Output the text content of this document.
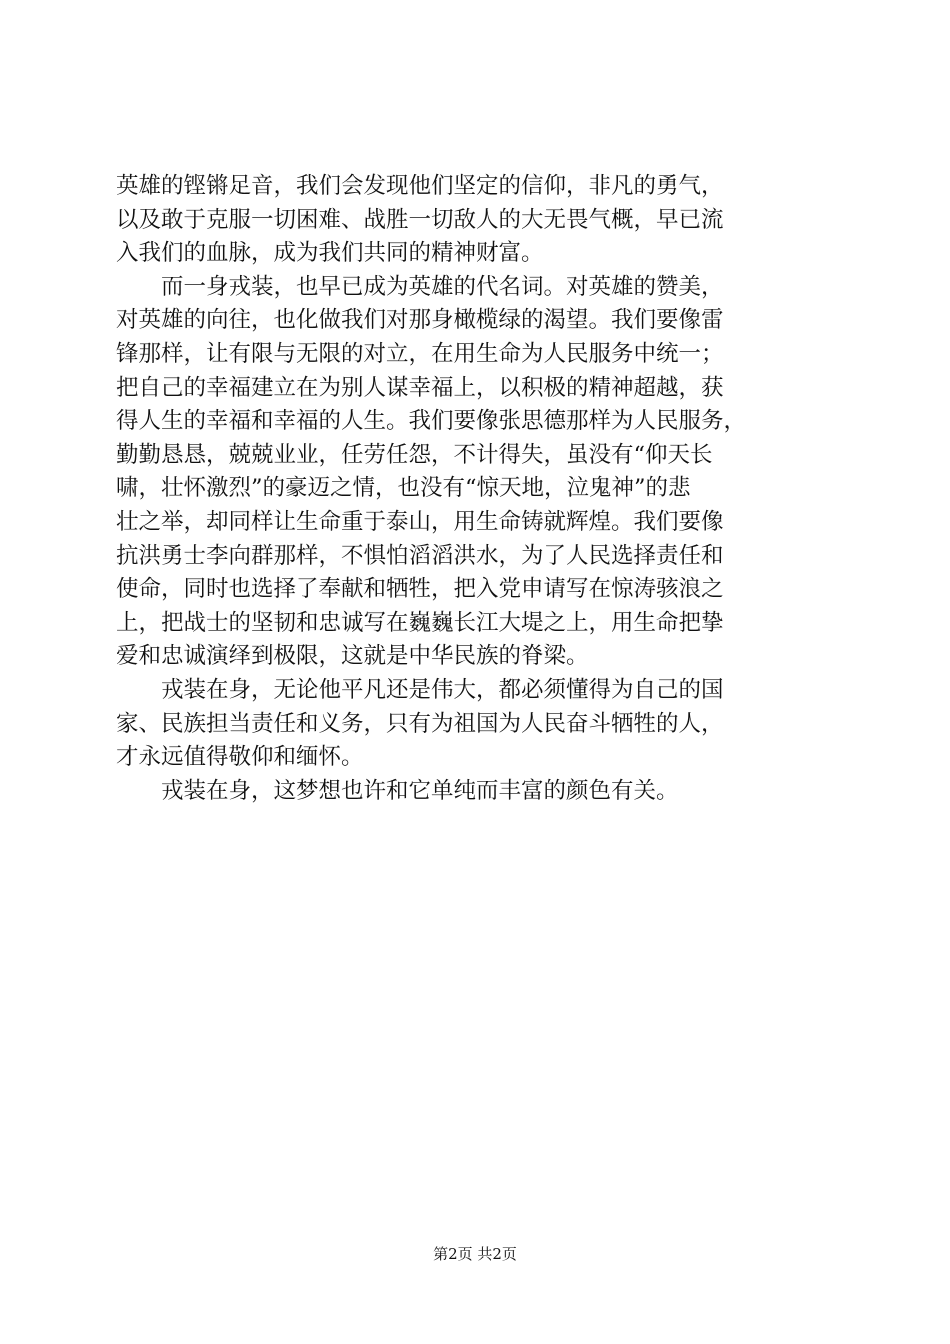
英雄的铿锵足音，我们会发现他们坚定的信仰，非凡的勇气，
以及敢于克服一切困难、战胜一切敌人的大无畏气概，早已流
入我们的血脉，成为我们共同的精神财富。
　　而一身戎装，也早已成为英雄的代名词。对英雄的赞美，
对英雄的向往，也化做我们对那身橄榄绿的渴望。我们要像雷
锋那样，让有限与无限的对立，在用生命为人民服务中统一；
把自己的幸福建立在为别人谋幸福上，以积极的精神超越，获
得人生的幸福和幸福的人生。我们要像张思德那样为人民服务，
勤勤恳恳，兢兢业业，任劳任怨，不计得失，虽没有“仰天长
啸，壮怀激烈”的豪迈之情，也没有“惊天地，泣鬼神”的悲
壮之举，却同样让生命重于泰山，用生命铸就辉煌。我们要像
抗洪勇士李向群那样，不惧怕滔滔洪水，为了人民选择责任和
使命，同时也选择了奉献和牺牲，把入党申请写在惊涛骇浪之
上，把战士的坚韧和忠诚写在巍巍长江大堤之上，用生命把挚
爱和忠诚演绎到极限，这就是中华民族的脊梁。
　　戎装在身，无论他平凡还是伟大，都必须懂得为自己的国
家、民族担当责任和义务，只有为祖国为人民奋斗牺牲的人，
才永远值得敬仰和缅怀。
　　戎装在身，这梦想也许和它单纯而丰富的颜色有关。
第2页 共2页
